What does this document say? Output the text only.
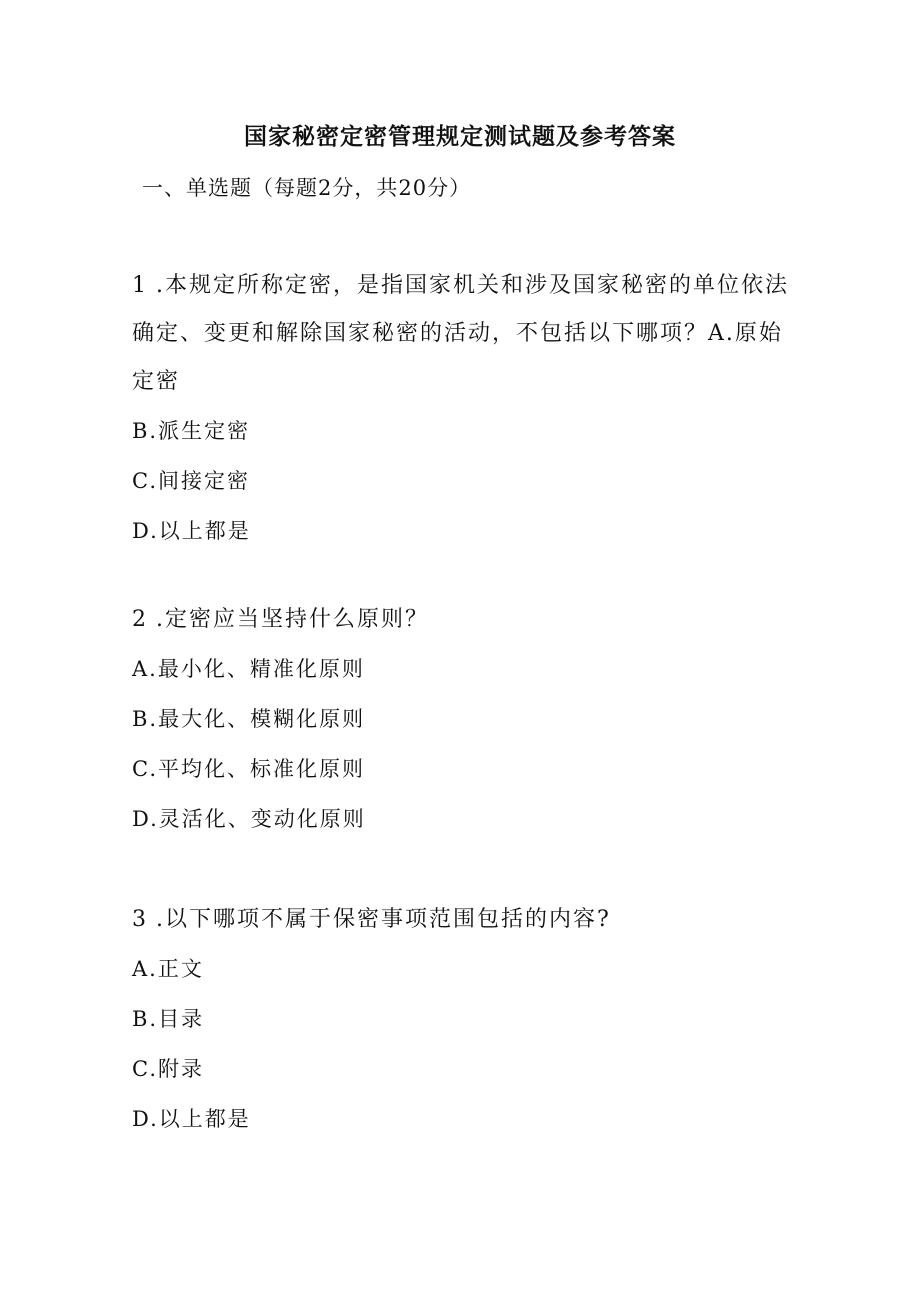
国家秘密定密管理规定测试题及参考答案
一、单选题（每题2分，共20分）

1 .本规定所称定密，是指国家机关和涉及国家秘密的单位依法确定、变更和解除国家秘密的活动，不包括以下哪项？A.原始定密

B.派生定密

C.间接定密

D.以上都是

2 .定密应当坚持什么原则？

A.最小化、精准化原则

B.最大化、模糊化原则

C.平均化、标准化原则

D.灵活化、变动化原则

3 .以下哪项不属于保密事项范围包括的内容?

A.正文

B.目录

C.附录

D.以上都是
